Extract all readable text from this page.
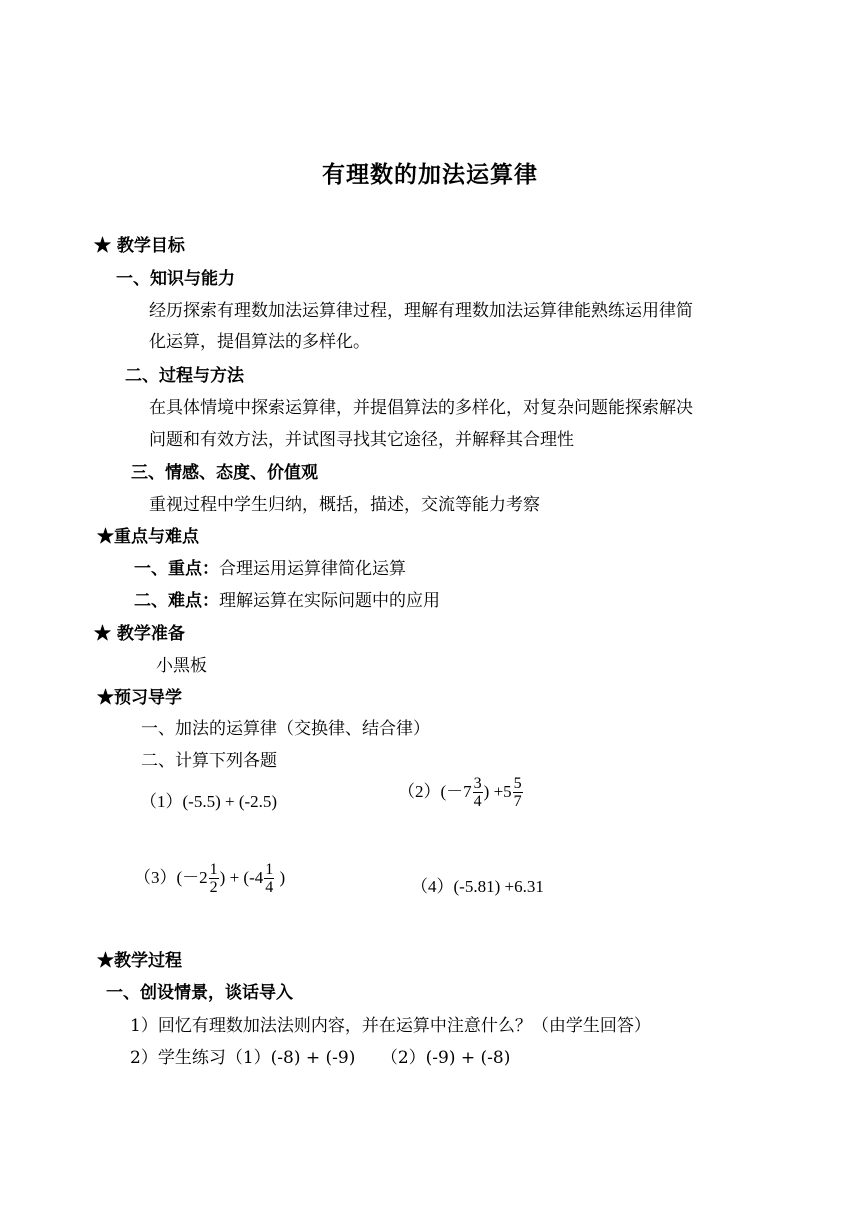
有理数的加法运算律
★ 教学目标
一、知识与能力
经历探索有理数加法运算律过程，理解有理数加法运算律能熟练运用律简
化运算，提倡算法的多样化。
二、过程与方法
在具体情境中探索运算律，并提倡算法的多样化，对复杂问题能探索解决
问题和有效方法，并试图寻找其它途径，并解释其合理性
三、情感、态度、价值观
重视过程中学生归纳，概括，描述，交流等能力考察
★重点与难点
一、重点：合理运用运算律简化运算
二、难点：理解运算在实际问题中的应用
★ 教学准备
小黑板
★预习导学
一、加法的运算律（交换律、结合律）
二、计算下列各题
（1）(-5.5) + (-2.5)
$(2)(-7 \frac{3}{4}$ ) $+5 \frac{5}{7}$
$(3)(-2 \frac{1}{2}$ ) + ($-4 \frac{1}{4}$ )	（4）(-5.81) +6.31
★教学过程
一、创设情景，谈话导入
1）回忆有理数加法法则内容，并在运算中注意什么？（由学生回答）
2）学生练习（1）(-8) + (-9)　　（2）(-9) + (-8)
